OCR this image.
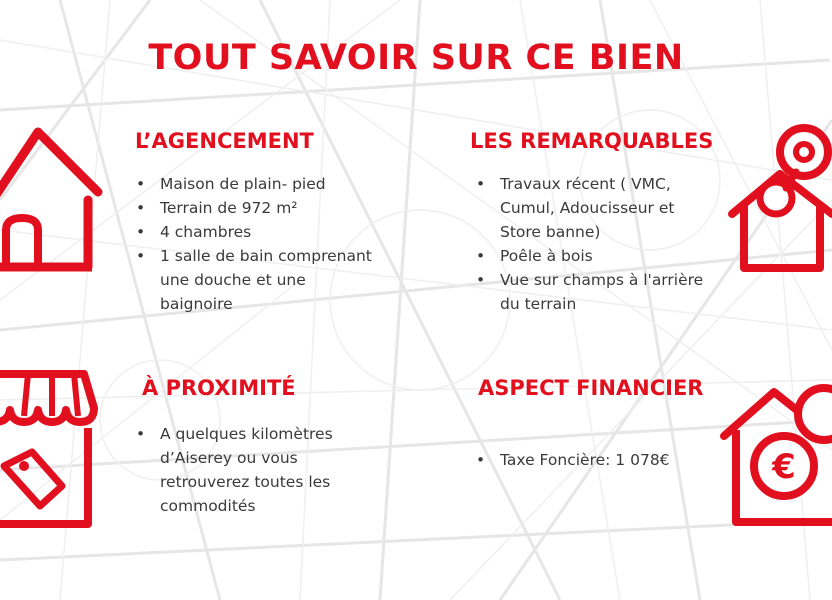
TOUT SAVOIR SUR CE BIEN
L’AGENCEMENT
• Maison de plain- pied
• Terrain de 972 m²
• 4 chambres
• 1 salle de bain comprenant une douche et une baignoire
LES REMARQUABLES
• Travaux récent ( VMC, Cumul, Adoucisseur et Store banne)
• Poêle à bois
• Vue sur champs à l'arrière du terrain
À PROXIMITÉ
• A quelques kilomètres d’Aiserey ou vous retrouverez toutes les commodités
ASPECT FINANCIER
• Taxe Foncière: 1 078€	€
